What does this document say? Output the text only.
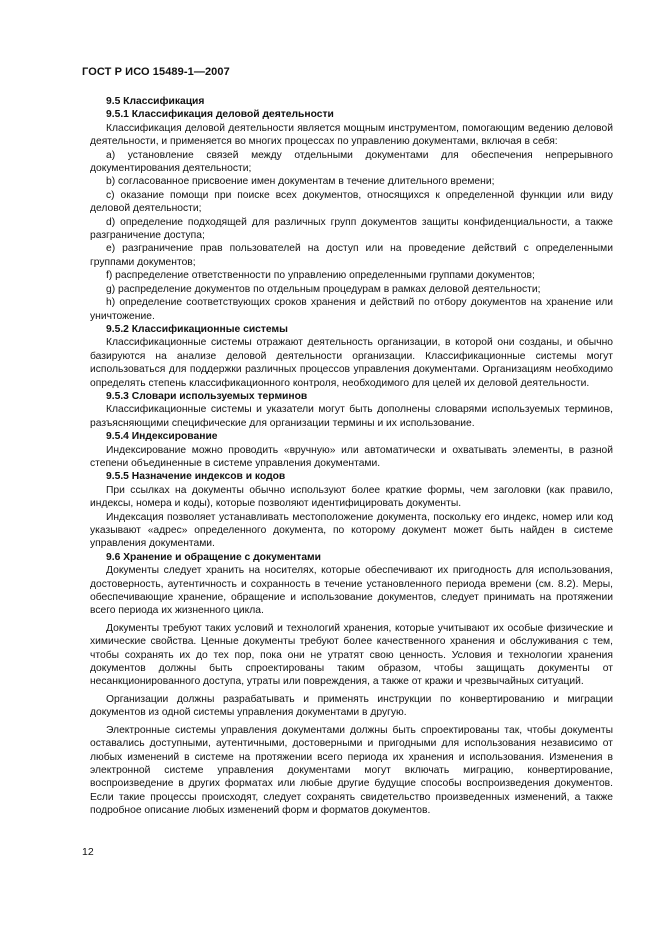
ГОСТ Р ИСО 15489-1—2007

9.5 Классификация

9.5.1 Классификация деловой деятельности

Классификация деловой деятельности является мощным инструментом, помогающим ведению деловой деятельности, и применяется во многих процессах по управлению документами, включая в себя:

а) установление связей между отдельными документами для обеспечения непрерывного документирования деятельности;

b) согласованное присвоение имен документам в течение длительного времени;

с) оказание помощи при поиске всех документов, относящихся к определенной функции или виду деловой деятельности;

d) определение подходящей для различных групп документов защиты конфиденциальности, а также разграничение доступа;

е) разграничение прав пользователей на доступ или на проведение действий с определенными группами документов;

f) распределение ответственности по управлению определенными группами документов;

g) распределение документов по отдельным процедурам в рамках деловой деятельности;

h) определение соответствующих сроков хранения и действий по отбору документов на хранение или уничтожение.

9.5.2 Классификационные системы

Классификационные системы отражают деятельность организации, в которой они созданы, и обычно базируются на анализе деловой деятельности организации. Классификационные системы могут использоваться для поддержки различных процессов управления документами. Организациям необходимо определять степень классификационного контроля, необходимого для целей их деловой деятельности.

9.5.3 Словари используемых терминов

Классификационные системы и указатели могут быть дополнены словарями используемых терминов, разъясняющими специфические для организации термины и их использование.

9.5.4 Индексирование

Индексирование можно проводить «вручную» или автоматически и охватывать элементы, в разной степени объединенные в системе управления документами.

9.5.5 Назначение индексов и кодов

При ссылках на документы обычно используют более краткие формы, чем заголовки (как правило, индексы, номера и коды), которые позволяют идентифицировать документы.

Индексация позволяет устанавливать местоположение документа, поскольку его индекс, номер или код указывают «адрес» определенного документа, по которому документ может быть найден в системе управления документами.

9.6 Хранение и обращение с документами

Документы следует хранить на носителях, которые обеспечивают их пригодность для использования, достоверность, аутентичность и сохранность в течение установленного периода времени (см. 8.2). Меры, обеспечивающие хранение, обращение и использование документов, следует принимать на протяжении всего периода их жизненного цикла.

Документы требуют таких условий и технологий хранения, которые учитывают их особые физические и химические свойства. Ценные документы требуют более качественного хранения и обслуживания с тем, чтобы сохранять их до тех пор, пока они не утратят свою ценность. Условия и технологии хранения документов должны быть спроектированы таким образом, чтобы защищать документы от несанкционированного доступа, утраты или повреждения, а также от кражи и чрезвычайных ситуаций.

Организации должны разрабатывать и применять инструкции по конвертированию и миграции документов из одной системы управления документами в другую.

Электронные системы управления документами должны быть спроектированы так, чтобы документы оставались доступными, аутентичными, достоверными и пригодными для использования независимо от любых изменений в системе на протяжении всего периода их хранения и использования. Изменения в электронной системе управления документами могут включать миграцию, конвертирование, воспроизведение в других форматах или любые другие будущие способы воспроизведения документов. Если такие процессы происходят, следует сохранять свидетельство произведенных изменений, а также подробное описание любых изменений форм и форматов документов.

12
